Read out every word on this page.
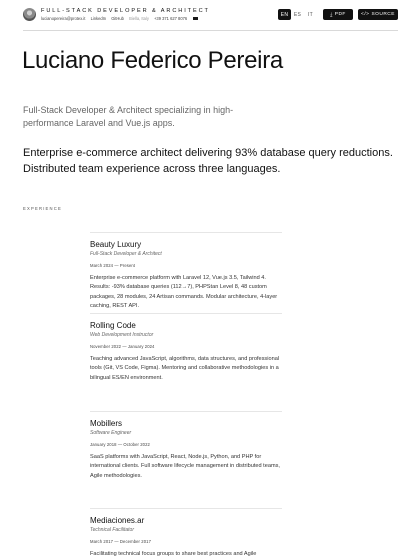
FULL-STACK DEVELOPER & ARCHITECT
lucianopereira@protex.it LinkedIn GitHub Biella, Italy +39 371 627 8076
EN	ES	IT	⤓ PDF	</> SOURCE
Luciano Federico Pereira

Full-Stack Developer & Architect specializing in high-performance Laravel and Vue.js apps.

Enterprise e-commerce architect delivering 93% database query reductions. Distributed team experience across three languages.

EXPERIENCE
Beauty Luxury
Full-Stack Developer & Architect
March 2024 — Present
Enterprise e-commerce platform with Laravel 12, Vue.js 3.5, Tailwind 4. Results: -93% database queries (112→7), PHPStan Level 8, 48 custom packages, 28 modules, 24 Artisan commands. Modular architecture, 4-layer caching, REST API.
Rolling Code
Web Development Instructor
November 2022 — January 2024
Teaching advanced JavaScript, algorithms, data structures, and professional tools (Git, VS Code, Figma). Mentoring and collaborative methodologies in a bilingual ES/EN environment.
Mobillers
Software Engineer
January 2018 — October 2022
SaaS platforms with JavaScript, React, Node.js, Python, and PHP for international clients. Full software lifecycle management in distributed teams, Agile methodologies.
Mediaciones.ar
Technical Facilitator
March 2017 — December 2017
Facilitating technical focus groups to share best practices and Agile
